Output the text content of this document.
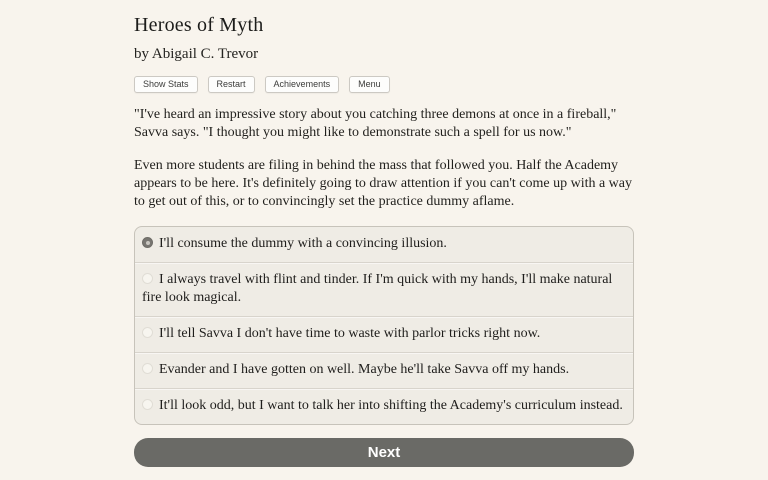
Heroes of Myth
by Abigail C. Trevor
Show Stats	Restart	Achievements	Menu

"I've heard an impressive story about you catching three demons at once in a fireball," Savva says. "I thought you might like to demonstrate such a spell for us now."

Even more students are filing in behind the mass that followed you. Half the Academy appears to be here. It's definitely going to draw attention if you can't come up with a way to get out of this, or to convincingly set the practice dummy aflame.

I'll consume the dummy with a convincing illusion.
I always travel with flint and tinder. If I'm quick with my hands, I'll make natural fire look magical.
I'll tell Savva I don't have time to waste with parlor tricks right now.
Evander and I have gotten on well. Maybe he'll take Savva off my hands.
It'll look odd, but I want to talk her into shifting the Academy's curriculum instead.
Next
